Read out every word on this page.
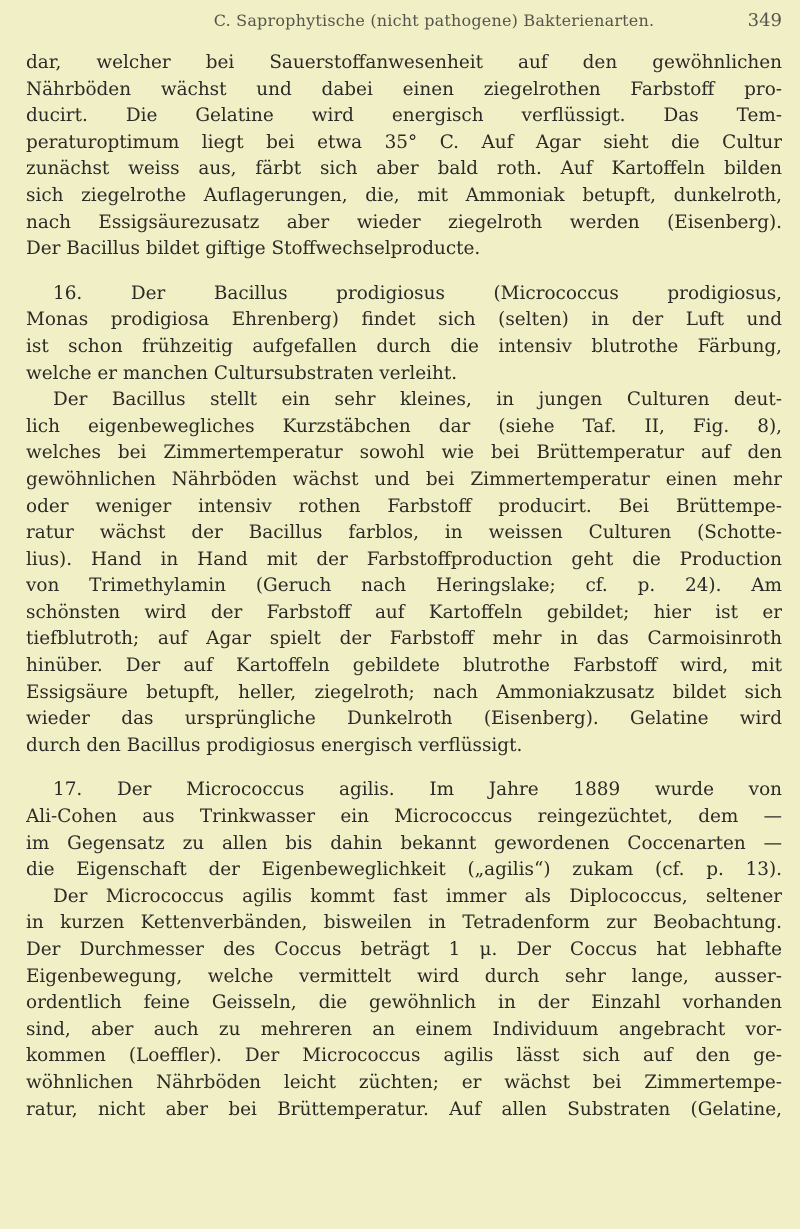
C. Saprophytische (nicht pathogene) Bakterienarten.	349
dar, welcher bei Sauerstoffanwesenheit auf den gewöhnlichen
Nährböden wächst und dabei einen ziegelrothen Farbstoff pro-
ducirt. Die Gelatine wird energisch verflüssigt. Das Tem-
peraturoptimum liegt bei etwa 35° C. Auf Agar sieht die Cultur
zunächst weiss aus, färbt sich aber bald roth. Auf Kartoffeln bilden
sich ziegelrothe Auflagerungen, die, mit Ammoniak betupft, dunkelroth,
nach Essigsäurezusatz aber wieder ziegelroth werden (Eisenberg).
Der Bacillus bildet giftige Stoffwechselproducte.
16. Der Bacillus prodigiosus (Micrococcus prodigiosus,
Monas prodigiosa Ehrenberg) findet sich (selten) in der Luft und
ist schon frühzeitig aufgefallen durch die intensiv blutrothe Färbung,
welche er manchen Cultursubstraten verleiht.
Der Bacillus stellt ein sehr kleines, in jungen Culturen deut-
lich eigenbewegliches Kurzstäbchen dar (siehe Taf. II, Fig. 8),
welches bei Zimmertemperatur sowohl wie bei Brüttemperatur auf den
gewöhnlichen Nährböden wächst und bei Zimmertemperatur einen mehr
oder weniger intensiv rothen Farbstoff producirt. Bei Brüttempe-
ratur wächst der Bacillus farblos, in weissen Culturen (Schotte-
lius). Hand in Hand mit der Farbstoffproduction geht die Production
von Trimethylamin (Geruch nach Heringslake; cf. p. 24). Am
schönsten wird der Farbstoff auf Kartoffeln gebildet; hier ist er
tiefblutroth; auf Agar spielt der Farbstoff mehr in das Carmoisinroth
hinüber. Der auf Kartoffeln gebildete blutrothe Farbstoff wird, mit
Essigsäure betupft, heller, ziegelroth; nach Ammoniakzusatz bildet sich
wieder das ursprüngliche Dunkelroth (Eisenberg). Gelatine wird
durch den Bacillus prodigiosus energisch verflüssigt.
17. Der Micrococcus agilis. Im Jahre 1889 wurde von
Ali-Cohen aus Trinkwasser ein Micrococcus reingezüchtet, dem —
im Gegensatz zu allen bis dahin bekannt gewordenen Coccenarten —
die Eigenschaft der Eigenbeweglichkeit („agilis“) zukam (cf. p. 13).
Der Micrococcus agilis kommt fast immer als Diplococcus, seltener
in kurzen Kettenverbänden, bisweilen in Tetradenform zur Beobachtung.
Der Durchmesser des Coccus beträgt 1 μ. Der Coccus hat lebhafte
Eigenbewegung, welche vermittelt wird durch sehr lange, ausser-
ordentlich feine Geisseln, die gewöhnlich in der Einzahl vorhanden
sind, aber auch zu mehreren an einem Individuum angebracht vor-
kommen (Loeffler). Der Micrococcus agilis lässt sich auf den ge-
wöhnlichen Nährböden leicht züchten; er wächst bei Zimmertempe-
ratur, nicht aber bei Brüttemperatur. Auf allen Substraten (Gelatine,
